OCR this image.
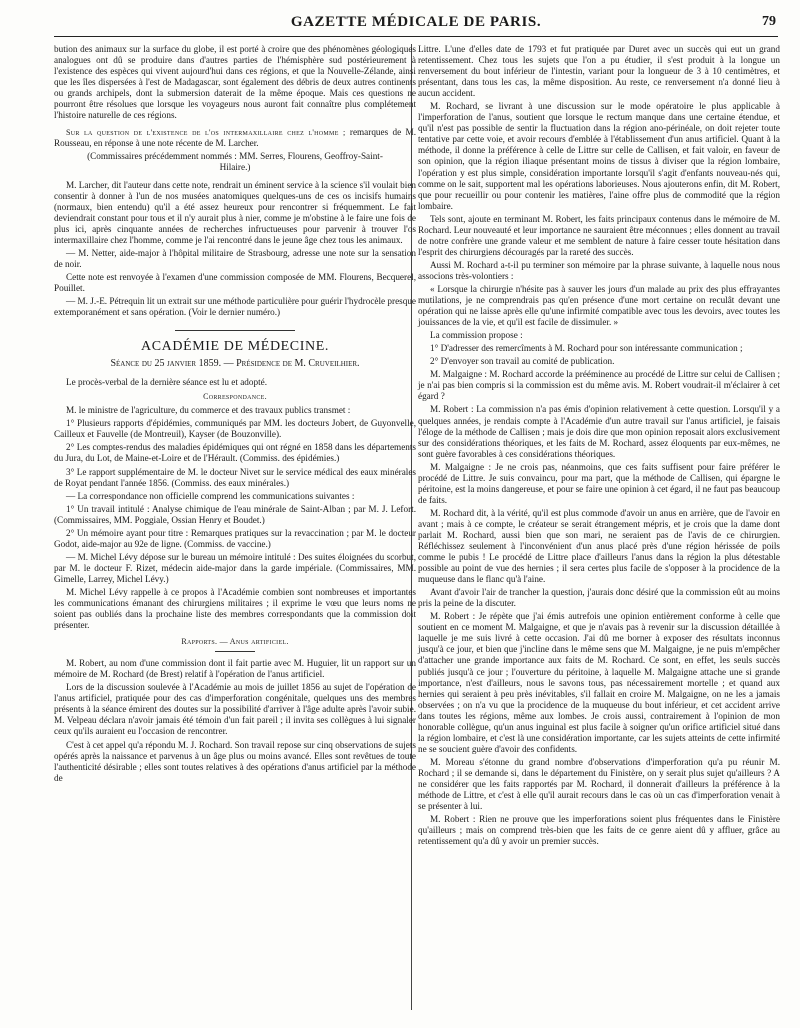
GAZETTE MÉDICALE DE PARIS.	79

bution des animaux sur la surface du globe, il est porté à croire que des phénomènes géologiques analogues ont dû se produire dans d'autres parties de l'hémisphère sud postérieurement à l'existence des espèces qui vivent aujourd'hui dans ces régions, et que la Nouvelle-Zélande, ainsi que les îles dispersées à l'est de Madagascar, sont également des débris de deux autres continents ou grands archipels, dont la submersion daterait de la même époque. Mais ces questions ne pourront être résolues que lorsque les voyageurs nous auront fait connaître plus complétement l'histoire naturelle de ces régions.

Sur la question de l'existence de l'os intermaxillaire chez l'homme ; remarques de M. Rousseau, en réponse à une note récente de M. Larcher.

(Commissaires précédemment nommés : MM. Serres, Flourens, Geoffroy-Saint-Hilaire.)

M. Larcher, dit l'auteur dans cette note, rendrait un éminent service à la science s'il voulait bien consentir à donner à l'un de nos musées anatomiques quelques-uns de ces os incisifs humains (normaux, bien entendu) qu'il a été assez heureux pour rencontrer si fréquemment. Le fait deviendrait constant pour tous et il n'y aurait plus à nier, comme je m'obstine à le faire une fois de plus ici, après cinquante années de recherches infructueuses pour parvenir à trouver l'os intermaxillaire chez l'homme, comme je l'ai rencontré dans le jeune âge chez tous les animaux.

— M. Netter, aide-major à l'hôpital militaire de Strasbourg, adresse une note sur la sensation de noir.

Cette note est renvoyée à l'examen d'une commission composée de MM. Flourens, Becquerel, Pouillet.

— M. J.-E. Pétrequin lit un extrait sur une méthode particulière pour guérir l'hydrocèle presque extemporanément et sans opération. (Voir le dernier numéro.)

ACADÉMIE DE MÉDECINE.
Séance du 25 janvier 1859. — Présidence de M. Cruveilhier.

Le procès-verbal de la dernière séance est lu et adopté.

Correspondance.

M. le ministre de l'agriculture, du commerce et des travaux publics transmet :

1° Plusieurs rapports d'épidémies, communiqués par MM. les docteurs Jobert, de Guyonvelle, Cailleux et Fauvelle (de Montreuil), Kayser (de Bouzonville).

2° Les comptes-rendus des maladies épidémiques qui ont régné en 1858 dans les départements du Jura, du Lot, de Maine-et-Loire et de l'Hérault. (Commiss. des épidémies.)

3° Le rapport supplémentaire de M. le docteur Nivet sur le service médical des eaux minérales de Royat pendant l'année 1856. (Commiss. des eaux minérales.)

— La correspondance non officielle comprend les communications suivantes :

1° Un travail intitulé : Analyse chimique de l'eau minérale de Saint-Alban ; par M. J. Lefort. (Commissaires, MM. Poggiale, Ossian Henry et Boudet.)

2° Un mémoire ayant pour titre : Remarques pratiques sur la revaccination ; par M. le docteur Godot, aide-major au 92e de ligne. (Commiss. de vaccine.)

— M. Michel Lévy dépose sur le bureau un mémoire intitulé : Des suites éloignées du scorbut, par M. le docteur F. Rizet, médecin aide-major dans la garde impériale. (Commissaires, MM. Gimelle, Larrey, Michel Lévy.)

M. Michel Lévy rappelle à ce propos à l'Académie combien sont nombreuses et importantes les communications émanant des chirurgiens militaires ; il exprime le vœu que leurs noms ne soient pas oubliés dans la prochaine liste des membres correspondants que la commission doit présenter.

Rapports. — Anus artificiel.

M. Robert, au nom d'une commission dont il fait partie avec M. Huguier, lit un rapport sur un mémoire de M. Rochard (de Brest) relatif à l'opération de l'anus artificiel.

Lors de la discussion soulevée à l'Académie au mois de juillet 1856 au sujet de l'opération de l'anus artificiel, pratiquée pour des cas d'imperforation congénitale, quelques uns des membres présents à la séance émirent des doutes sur la possibilité d'arriver à l'âge adulte après l'avoir subie. M. Velpeau déclara n'avoir jamais été témoin d'un fait pareil ; il invita ses collègues à lui signaler ceux qu'ils auraient eu l'occasion de rencontrer.

C'est à cet appel qu'a répondu M. J. Rochard. Son travail repose sur cinq observations de sujets opérés après la naissance et parvenus à un âge plus ou moins avancé. Elles sont revêtues de toute l'authenticité désirable ; elles sont toutes relatives à des opérations d'anus artificiel par la méthode de

Littre. L'une d'elles date de 1793 et fut pratiquée par Duret avec un succès qui eut un grand retentissement. Chez tous les sujets que l'on a pu étudier, il s'est produit à la longue un renversement du bout inférieur de l'intestin, variant pour la longueur de 3 à 10 centimètres, et présentant, dans tous les cas, la même disposition. Au reste, ce renversement n'a donné lieu à aucun accident.

M. Rochard, se livrant à une discussion sur le mode opératoire le plus applicable à l'imperforation de l'anus, soutient que lorsque le rectum manque dans une certaine étendue, et qu'il n'est pas possible de sentir la fluctuation dans la région ano-périnéale, on doit rejeter toute tentative par cette voie, et avoir recours d'emblée à l'établissement d'un anus artificiel. Quant à la méthode, il donne la préférence à celle de Littre sur celle de Callisen, et fait valoir, en faveur de son opinion, que la région iliaque présentant moins de tissus à diviser que la région lombaire, l'opération y est plus simple, considération importante lorsqu'il s'agit d'enfants nouveau-nés qui, comme on le sait, supportent mal les opérations laborieuses. Nous ajouterons enfin, dit M. Robert, que pour recueillir ou pour contenir les matières, l'aine offre plus de commodité que la région lombaire.

Tels sont, ajoute en terminant M. Robert, les faits principaux contenus dans le mémoire de M. Rochard. Leur nouveauté et leur importance ne sauraient être méconnues ; elles donnent au travail de notre confrère une grande valeur et me semblent de nature à faire cesser toute hésitation dans l'esprit des chirurgiens découragés par la rareté des succès.

Aussi M. Rochard a-t-il pu terminer son mémoire par la phrase suivante, à laquelle nous nous associons très-volontiers :

« Lorsque la chirurgie n'hésite pas à sauver les jours d'un malade au prix des plus effrayantes mutilations, je ne comprendrais pas qu'en présence d'une mort certaine on reculât devant une opération qui ne laisse après elle qu'une infirmité compatible avec tous les devoirs, avec toutes les jouissances de la vie, et qu'il est facile de dissimuler. »

La commission propose :

1° D'adresser des remercîments à M. Rochard pour son intéressante communication ;

2° D'envoyer son travail au comité de publication.

M. Malgaigne : M. Rochard accorde la prééminence au procédé de Littre sur celui de Callisen ; je n'ai pas bien compris si la commission est du même avis. M. Robert voudrait-il m'éclairer à cet égard ?

M. Robert : La commission n'a pas émis d'opinion relativement à cette question. Lorsqu'il y a quelques années, je rendais compte à l'Académie d'un autre travail sur l'anus artificiel, je faisais l'éloge de la méthode de Callisen ; mais je dois dire que mon opinion reposait alors exclusivement sur des considérations théoriques, et les faits de M. Rochard, assez éloquents par eux-mêmes, ne sont guère favorables à ces considérations théoriques.

M. Malgaigne : Je ne crois pas, néanmoins, que ces faits suffisent pour faire préférer le procédé de Littre. Je suis convaincu, pour ma part, que la méthode de Callisen, qui épargne le péritoine, est la moins dangereuse, et pour se faire une opinion à cet égard, il ne faut pas beaucoup de faits.

M. Rochard dit, à la vérité, qu'il est plus commode d'avoir un anus en arrière, que de l'avoir en avant ; mais à ce compte, le créateur se serait étrangement mépris, et je crois que la dame dont parlait M. Rochard, aussi bien que son mari, ne seraient pas de l'avis de ce chirurgien. Réfléchissez seulement à l'inconvénient d'un anus placé près d'une région hérissée de poils comme le pubis ! Le procédé de Littre place d'ailleurs l'anus dans la région la plus détestable possible au point de vue des hernies ; il sera certes plus facile de s'opposer à la procidence de la muqueuse dans le flanc qu'à l'aine.

Avant d'avoir l'air de trancher la question, j'aurais donc désiré que la commission eût au moins pris la peine de la discuter.

M. Robert : Je répète que j'ai émis autrefois une opinion entièrement conforme à celle que soutient en ce moment M. Malgaigne, et que je n'avais pas à revenir sur la discussion détaillée à laquelle je me suis livré à cette occasion. J'ai dû me borner à exposer des résultats inconnus jusqu'à ce jour, et bien que j'incline dans le même sens que M. Malgaigne, je ne puis m'empêcher d'attacher une grande importance aux faits de M. Rochard. Ce sont, en effet, les seuls succès publiés jusqu'à ce jour ; l'ouverture du péritoine, à laquelle M. Malgaigne attache une si grande importance, n'est d'ailleurs, nous le savons tous, pas nécessairement mortelle ; et quand aux hernies qui seraient à peu près inévitables, s'il fallait en croire M. Malgaigne, on ne les a jamais observées ; on n'a vu que la procidence de la muqueuse du bout inférieur, et cet accident arrive dans toutes les régions, même aux lombes. Je crois aussi, contrairement à l'opinion de mon honorable collègue, qu'un anus inguinal est plus facile à soigner qu'un orifice artificiel situé dans la région lombaire, et c'est là une considération importante, car les sujets atteints de cette infirmité ne se soucient guère d'avoir des confidents.

M. Moreau s'étonne du grand nombre d'observations d'imperforation qu'a pu réunir M. Rochard ; il se demande si, dans le département du Finistère, on y serait plus sujet qu'ailleurs ? A ne considérer que les faits rapportés par M. Rochard, il donnerait d'ailleurs la préférence à la méthode de Littre, et c'est à elle qu'il aurait recours dans le cas où un cas d'imperforation venait à se présenter à lui.

M. Robert : Rien ne prouve que les imperforations soient plus fréquentes dans le Finistère qu'ailleurs ; mais on comprend très-bien que les faits de ce genre aient dû y affluer, grâce au retentissement qu'a dû y avoir un premier succès.
